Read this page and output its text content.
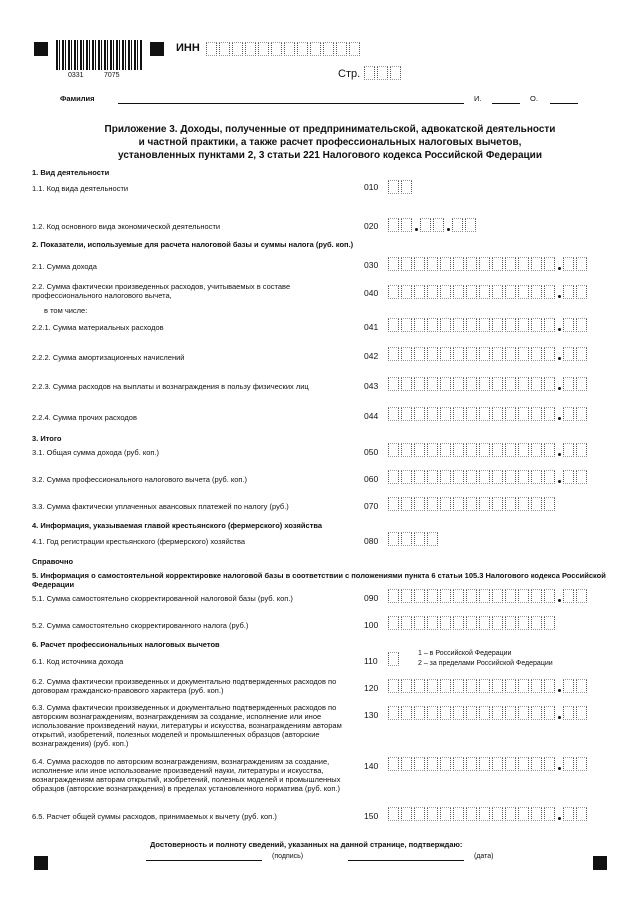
0331	7075
ИНН
Стр.
Фамилия	И.	О.
Приложение 3. Доходы, полученные от предпринимательской, адвокатской деятельности
и частной практики, а также расчет профессиональных налоговых вычетов,
установленных пунктами 2, 3 статьи 221 Налогового кодекса Российской Федерации
1. Вид деятельности
1.1. Код вида деятельности	010
1.2. Код основного вида экономической деятельности	020
2. Показатели, используемые для расчета налоговой базы и суммы налога (руб. коп.)
2.1. Сумма дохода	030
2.2. Сумма фактически произведенных расходов, учитываемых в составе профессионального налогового вычета,
в том числе:
040
2.2.1. Сумма материальных расходов	041
2.2.2. Сумма амортизационных начислений	042
2.2.3. Сумма расходов на выплаты и вознаграждения в пользу физических лиц	043
2.2.4. Сумма прочих расходов	044
3. Итого
3.1. Общая сумма дохода (руб. коп.)	050
3.2. Сумма профессионального налогового вычета (руб. коп.)	060
3.3. Сумма фактически уплаченных авансовых платежей по налогу (руб.)	070
4. Информация, указываемая главой крестьянского (фермерского) хозяйства
4.1. Год регистрации крестьянского (фермерского) хозяйства	080
Справочно
5. Информация о самостоятельной корректировке налоговой базы в соответствии с положениями пункта 6 статьи 105.3 Налогового кодекса Российской Федерации
5.1. Сумма самостоятельно скорректированной налоговой базы (руб. коп.)	090
5.2. Сумма самостоятельно скорректированного налога (руб.)	100
6. Расчет профессиональных налоговых вычетов
6.1. Код источника дохода	110
1 – в Российской Федерации
2 – за пределами Российской Федерации
6.2. Сумма фактически произведенных и документально подтвержденных расходов по договорам гражданско-правового характера (руб. коп.)	120
6.3. Сумма фактически произведенных и документально подтвержденных расходов по авторским вознаграждениям, вознаграждениям за создание, исполнение или иное использование произведений науки, литературы и искусства, вознаграждениям авторам открытий, изобретений, полезных моделей и промышленных образцов (авторские вознаграждения) (руб. коп.)
130
6.4. Сумма расходов по авторским вознаграждениям, вознаграждениям за создание, исполнение или иное использование произведений науки, литературы и искусства, вознаграждениям авторам открытий, изобретений, полезных моделей и промышленных образцов (авторские вознаграждения) в пределах установленного норматива (руб. коп.)
140
6.5. Расчет общей суммы расходов, принимаемых к вычету (руб. коп.)	150
Достоверность и полноту сведений, указанных на данной странице, подтверждаю:
(подпись)	(дата)
